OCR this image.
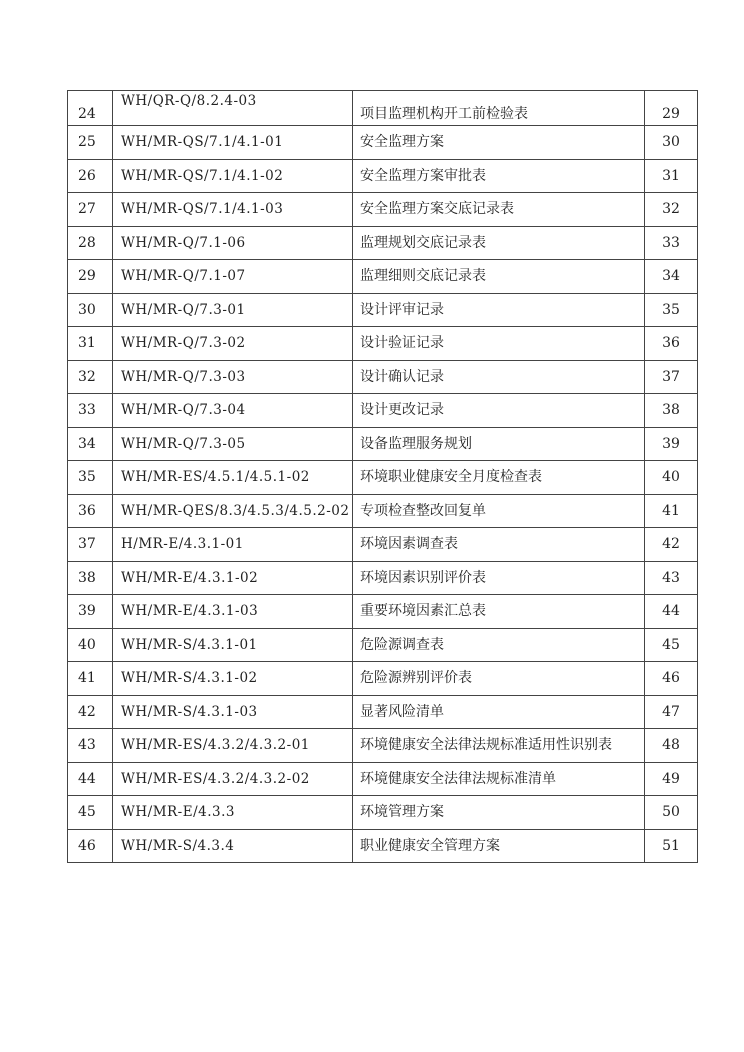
24	WH/QR-Q/8.2.4-03	项目监理机构开工前检验表	29
25	WH/MR-QS/7.1/4.1-01	安全监理方案	30
26	WH/MR-QS/7.1/4.1-02	安全监理方案审批表	31
27	WH/MR-QS/7.1/4.1-03	安全监理方案交底记录表	32
28	WH/MR-Q/7.1-06	监理规划交底记录表	33
29	WH/MR-Q/7.1-07	监理细则交底记录表	34
30	WH/MR-Q/7.3-01	设计评审记录	35
31	WH/MR-Q/7.3-02	设计验证记录	36
32	WH/MR-Q/7.3-03	设计确认记录	37
33	WH/MR-Q/7.3-04	设计更改记录	38
34	WH/MR-Q/7.3-05	设备监理服务规划	39
35	WH/MR-ES/4.5.1/4.5.1-02	环境职业健康安全月度检查表	40
36	WH/MR-QES/8.3/4.5.3/4.5.2-02	专项检查整改回复单	41
37	H/MR-E/4.3.1-01	环境因素调查表	42
38	WH/MR-E/4.3.1-02	环境因素识别评价表	43
39	WH/MR-E/4.3.1-03	重要环境因素汇总表	44
40	WH/MR-S/4.3.1-01	危险源调查表	45
41	WH/MR-S/4.3.1-02	危险源辨别评价表	46
42	WH/MR-S/4.3.1-03	显著风险清单	47
43	WH/MR-ES/4.3.2/4.3.2-01	环境健康安全法律法规标准适用性识别表	48
44	WH/MR-ES/4.3.2/4.3.2-02	环境健康安全法律法规标准清单	49
45	WH/MR-E/4.3.3	环境管理方案	50
46	WH/MR-S/4.3.4	职业健康安全管理方案	51
